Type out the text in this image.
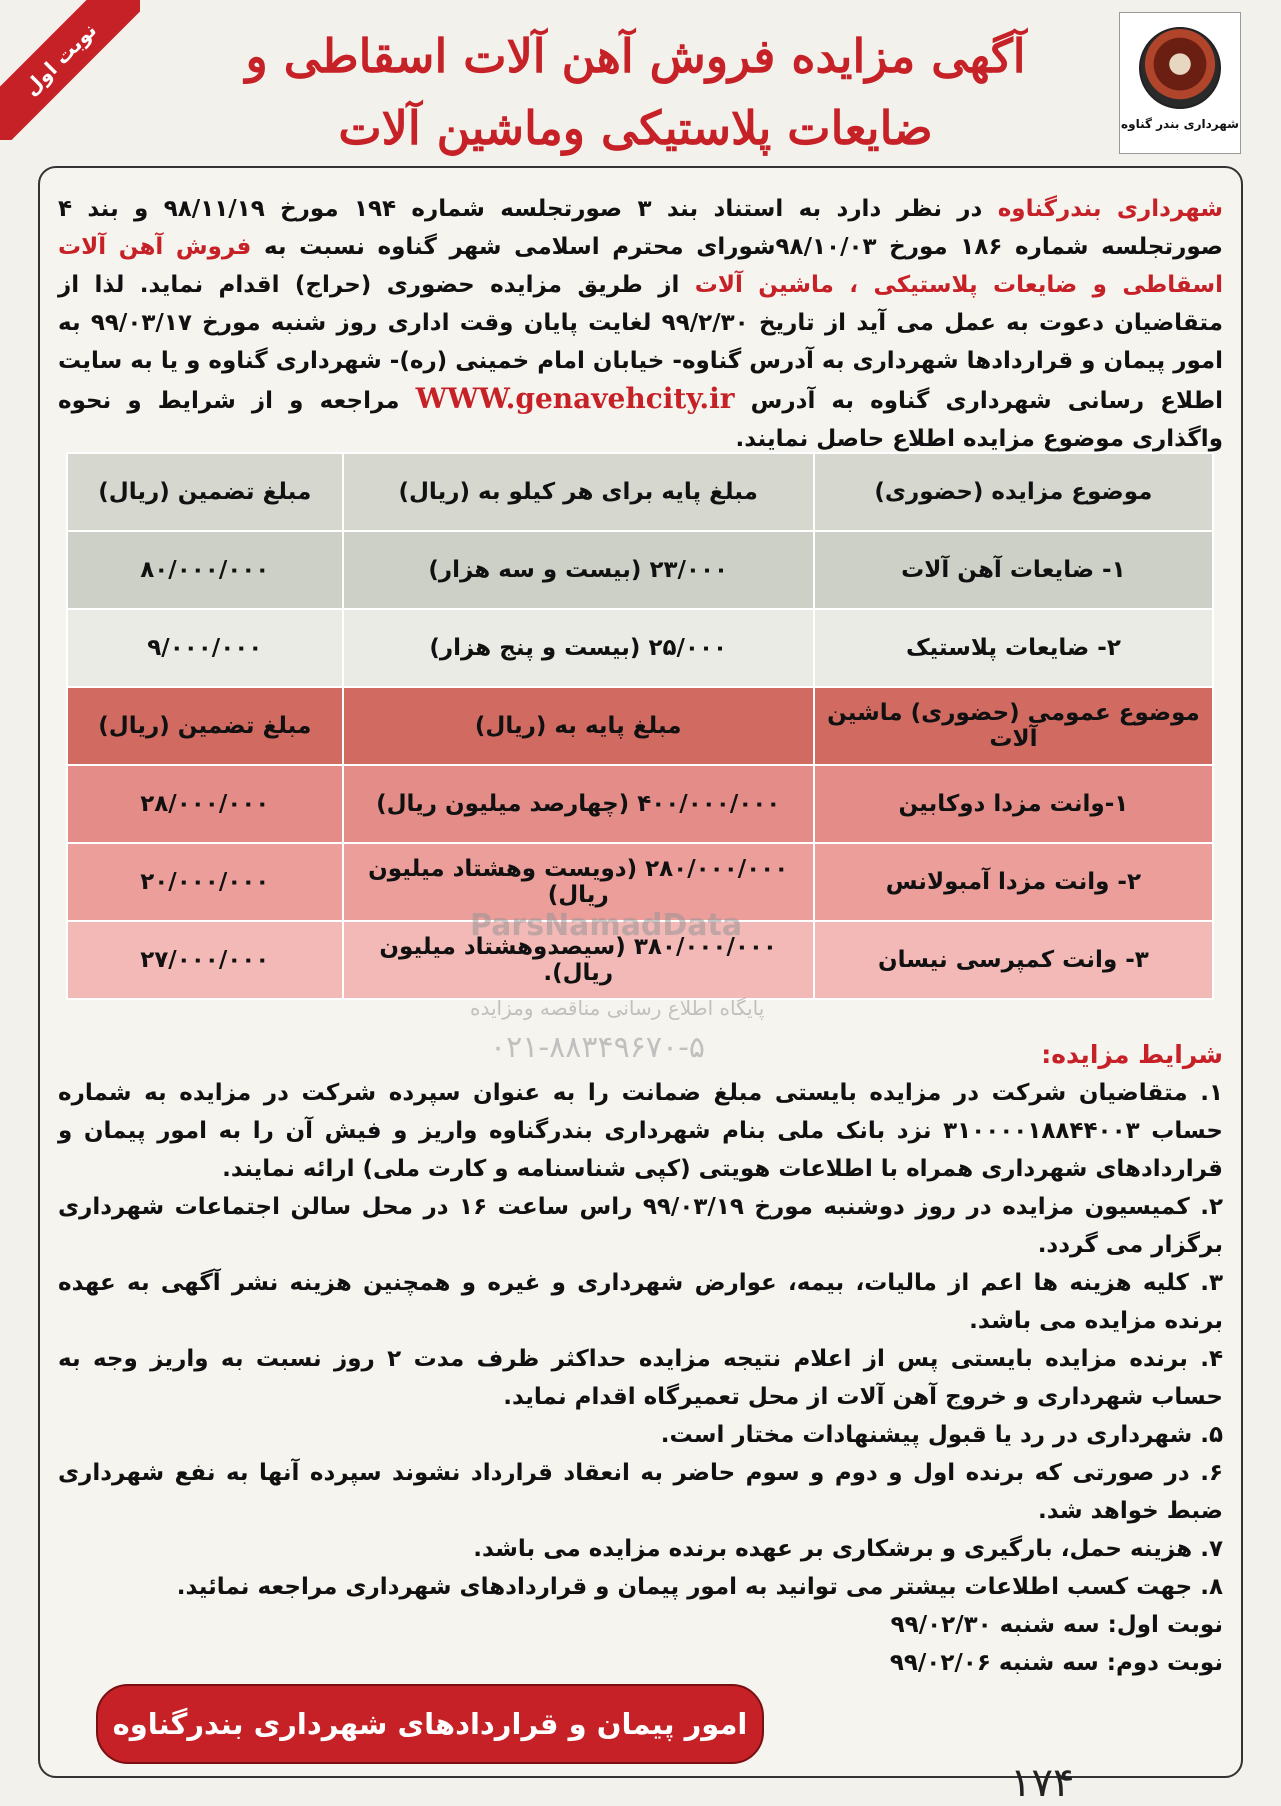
نوبت اول
شهرداری بندر گناوه
آگهی مزایده فروش آهن آلات اسقاطی و
ضایعات پلاستیکی وماشین آلات
شهرداری بندرگناوه در نظر دارد به استناد بند ۳ صورتجلسه شماره ۱۹۴ مورخ ۹۸/۱۱/۱۹ و بند ۴ صورتجلسه شماره ۱۸۶ مورخ ۹۸/۱۰/۰۳شورای محترم اسلامی شهر گناوه نسبت به فروش آهن آلات اسقاطی و ضایعات پلاستیکی ، ماشین آلات از طریق مزایده حضوری (حراج) اقدام نماید. لذا از متقاضیان دعوت به عمل می آید از تاریخ ۹۹/۲/۳۰ لغایت پایان وقت اداری روز شنبه مورخ ۹۹/۰۳/۱۷ به امور پیمان و قراردادها شهرداری به آدرس گناوه- خیابان امام خمینی (ره)- شهرداری گناوه و یا به سایت اطلاع رسانی شهرداری گناوه به آدرس WWW.genavehcity.ir مراجعه و از شرایط و نحوه واگذاری موضوع مزایده اطلاع حاصل نمایند.
موضوع مزایده (حضوری)	مبلغ پایه برای هر کیلو به (ریال)	مبلغ تضمین (ریال)
۱- ضایعات آهن آلات	۲۳/۰۰۰ (بیست و سه هزار)	۸۰/۰۰۰/۰۰۰
۲- ضایعات پلاستیک	۲۵/۰۰۰ (بیست و پنج هزار)	۹/۰۰۰/۰۰۰
موضوع عمومی (حضوری) ماشین آلات	مبلغ پایه به (ریال)	مبلغ تضمین (ریال)
۱-وانت مزدا دوکابین	۴۰۰/۰۰۰/۰۰۰ (چهارصد میلیون ریال)	۲۸/۰۰۰/۰۰۰
۲- وانت مزدا آمبولانس	۲۸۰/۰۰۰/۰۰۰ (دویست وهشتاد میلیون ریال)	۲۰/۰۰۰/۰۰۰
۳- وانت کمپرسی نیسان	۳۸۰/۰۰۰/۰۰۰ (سیصدوهشتاد میلیون ریال).	۲۷/۰۰۰/۰۰۰
ParsNamadData
پایگاه اطلاع رسانی مناقصه ومزایده
۰۲۱-۸۸۳۴۹۶۷۰-۵	شرایط مزایده:

۱. متقاضیان شرکت در مزایده بایستی مبلغ ضمانت را به عنوان سپرده شرکت در مزایده به شماره حساب ۳۱۰۰۰۰۱۸۸۴۴۰۰۳ نزد بانک ملی بنام شهرداری بندرگناوه واریز و فیش آن را به امور پیمان و قراردادهای شهرداری همراه با اطلاعات هویتی (کپی شناسنامه و کارت ملی) ارائه نمایند.

۲. کمیسیون مزایده در روز دوشنبه مورخ ۹۹/۰۳/۱۹ راس ساعت ۱۶ در محل سالن اجتماعات شهرداری برگزار می گردد.

۳. کلیه هزینه ها اعم از مالیات، بیمه، عوارض شهرداری و غیره و همچنین هزینه نشر آگهی به عهده برنده مزایده می باشد.

۴. برنده مزایده بایستی پس از اعلام نتیجه مزایده حداکثر ظرف مدت ۲ روز نسبت به واریز وجه به حساب شهرداری و خروج آهن آلات از محل تعمیرگاه اقدام نماید.

۵. شهرداری در رد یا قبول پیشنهادات مختار است.

۶. در صورتی که برنده اول و دوم و سوم حاضر به انعقاد قرارداد نشوند سپرده آنها به نفع شهرداری ضبط خواهد شد.

۷. هزینه حمل، بارگیری و برشکاری بر عهده برنده مزایده می باشد.

۸. جهت کسب اطلاعات بیشتر می توانید به امور پیمان و قراردادهای شهرداری مراجعه نمائید.

نوبت اول: سه شنبه ۹۹/۰۲/۳۰

نوبت دوم: سه شنبه ۹۹/۰۲/۰۶

امور پیمان و قراردادهای شهرداری بندرگناوه
۱۷۴
